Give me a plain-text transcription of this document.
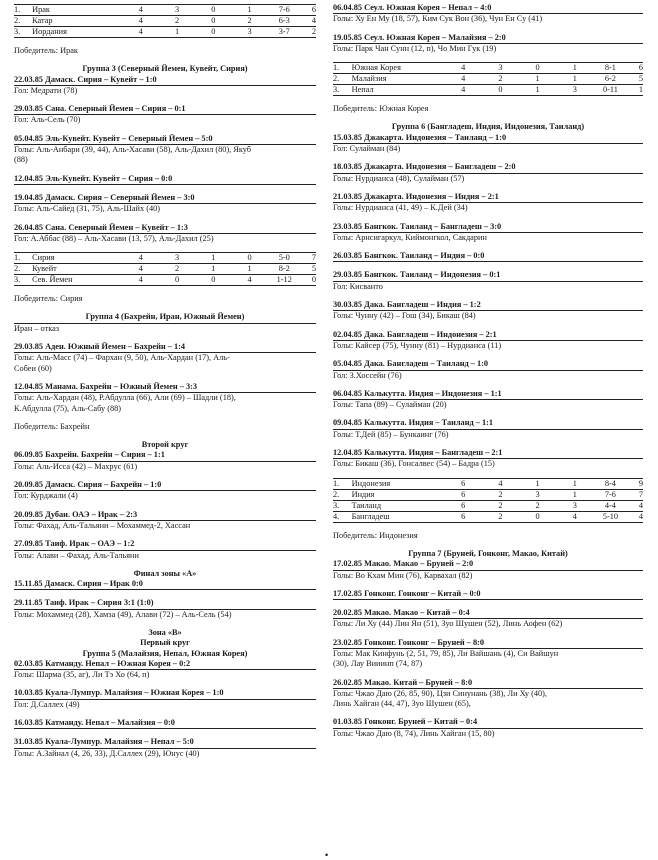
1.	Ирак	4	3	0	1	7-6	6
2.	Катар	4	2	0	2	6-3	4
3.	Иордания	4	1	0	3	3-7	2
Победитель: Ирак
Группа 3 (Северный Йемен, Кувейт, Сирия)
22.03.85 Дамаск. Сирия – Кувейт – 1:0
Гол: Медрати (78)
29.03.85 Сана. Северный Йемен – Сирия – 0:1
Гол: Аль-Сель (70)
05.04.85 Эль-Кувейт. Кувейт – Северный Йемен – 5:0
Голы: Аль-Анбари (39, 44), Аль-Хасави (58), Аль-Дахил (80), Якуб
(88)
12.04.85 Эль-Кувейт. Кувейт – Сирия – 0:0
19.04.85 Дамаск. Сирия – Северный Йемен – 3:0
Голы: Аль-Сайед (31, 75), Аль-Шайх (40)
26.04.85 Сана. Северный Йемен – Кувейт – 1:3
Гол: А.Аббас (88) – Аль-Хасави (13, 57), Аль-Дахил (25)
1.	Сирия	4	3	1	0	5-0	7
2.	Кувейт	4	2	1	1	8-2	5
3.	Сев. Йемен	4	0	0	4	1-12	0
Победитель: Сирия
Группа 4 (Бахрейн, Иран, Южный Йемен)
Иран – отказ
29.03.85 Аден. Южный Йемен – Бахрейн – 1:4
Голы: Аль-Масс (74) – Фархан (9, 50), Аль-Хардан (17), Аль-
Собеи (60)
12.04.85 Манама. Бахрейн – Южный Йемен – 3:3
Голы: Аль-Хардан (48), Р.Абдулла (66), Али (69) – Шадли (18),
К.Абдулла (75), Аль-Сабу (88)
Победитель: Бахрейн
Второй круг
06.09.85 Бахрейн. Бахрейн – Сирия – 1:1
Голы: Аль-Исса (42) – Махрус (61)
20.09.85 Дамаск. Сирия – Бахрейн – 1:0
Гол: Курджали (4)
20.09.85 Дубаи. ОАЭ – Ирак – 2:3
Голы: Фахад, Аль-Тальяни – Мохаммед-2, Хассан
27.09.85 Таиф. Ирак – ОАЭ – 1:2
Голы: Алави – Фахад, Аль-Тальяни
Финал зоны «А»
15.11.85 Дамаск. Сирия – Ирак 0:0
29.11.85 Таиф. Ирак – Сирия 3:1 (1:0)
Голы: Мохаммед (28), Хамза (49), Алави (72) – Аль-Сель (54)
Зона «В»
Первый круг
Группа 5 (Малайзия, Непал, Южная Корея)
02.03.85 Катманду. Непал – Южная Корея – 0:2
Голы: Шарма (35, аг), Ли Тэ Хо (64, п)
10.03.85 Куала-Лумпур. Малайзия – Южная Корея – 1:0
Гол: Д.Саллех (49)
16.03.85 Катманду. Непал – Малайзия – 0:0
31.03.85 Куала-Лумпур. Малайзия – Непал – 5:0
Голы: А.Зайнал (4, 26, 33), Д.Саллех (29), Юнус (40)
06.04.85 Сеул. Южная Корея – Непал – 4:0
Голы: Ху Ен Му (18, 57), Ким Сук Вон (36), Чун Ен Су (41)
19.05.85 Сеул. Южная Корея – Малайзия – 2:0
Голы: Парк Чан Сунн (12, п), Чо Мин Гук (19)
1.	Южная Корея	4	3	0	1	8-1	6
2.	Малайзия	4	2	1	1	6-2	5
3.	Непал	4	0	1	3	0-11	1
Победитель: Южная Корея
Группа 6 (Бангладеш, Индия, Индонезия, Таиланд)
15.03.85 Джакарта. Индонезия – Таиланд – 1:0
Гол: Сулайман (84)
18.03.85 Джакарта. Индонезия – Бангладеш – 2:0
Голы: Нурдианса (48), Сулайман (57)
21.03.85 Джакарта. Индонезия – Индия – 2:1
Голы: Нурдианса (41, 49) – К.Дей (34)
23.03.85 Бангкок. Таиланд – Бангладеш – 3:0
Голы: Арнсигаркул, Киймонгкол, Сакдарин
26.03.85 Бангкок. Таиланд – Индия – 0:0
29.03.85 Бангкок. Таиланд – Индонезия – 0:1
Гол: Кисванто
30.03.85 Дака. Бангладеш – Индия – 1:2
Голы: Чунну (42) – Гош (34), Бикаш (84)
02.04.85 Дака. Бангладеш – Индонезия – 2:1
Голы: Кайсер (75), Чунну (81) – Нурдианса (11)
05.04.85 Дака. Бангладеш – Таиланд – 1:0
Гол: З.Хоссейн (76)
06.04.85 Калькутта. Индия – Индонезия – 1:1
Голы: Тапа (89) – Сулайман (20)
09.04.85 Калькутта. Индия – Таиланд – 1:1
Голы: Т.Дей (85) – Бункаинг (76)
12.04.85 Калькутта. Индия – Бангладеш – 2:1
Голы: Бикаш (36), Гонсалвес (54) – Бадра (15)
1.	Индонезия	6	4	1	1	8-4	9
2.	Индия	6	2	3	1	7-6	7
3.	Таиланд	6	2	2	3	4-4	4
4.	Бангладеш	6	2	0	4	5-10	4
Победитель: Индонезия
Группа 7 (Бруней, Гонконг, Макао, Китай)
17.02.85 Макао. Макао – Бруней – 2:0
Голы: Во Кхам Мин (76), Карвахал (82)
17.02.85 Гонконг. Гонконг – Китай – 0:0
20.02.85 Макао. Макао – Китай – 0:4
Голы: Ли Ху (44) Лин Ян (51), Зуо Шушен (52), Линь Аофен (62)
23.02.85 Гонконг. Гонконг – Бруней – 8:0
Голы: Мак Кинфунь (2, 51, 79, 85), Ли Вайшань (4), Си Вайшун
(30), Лау Вииинп (74, 87)
26.02.85 Макао. Китай – Бруней – 8:0
Голы: Чжао Даю (26, 85, 90), Цзи Синунань (38), Ли Ху (40),
Линь Хайган (44, 47), Зуо Шушен (65),
01.03.85 Гонконг. Бруней – Китай – 0:4
Голы: Чжао Даю (8, 74), Линь Хайган (15, 80)
•
